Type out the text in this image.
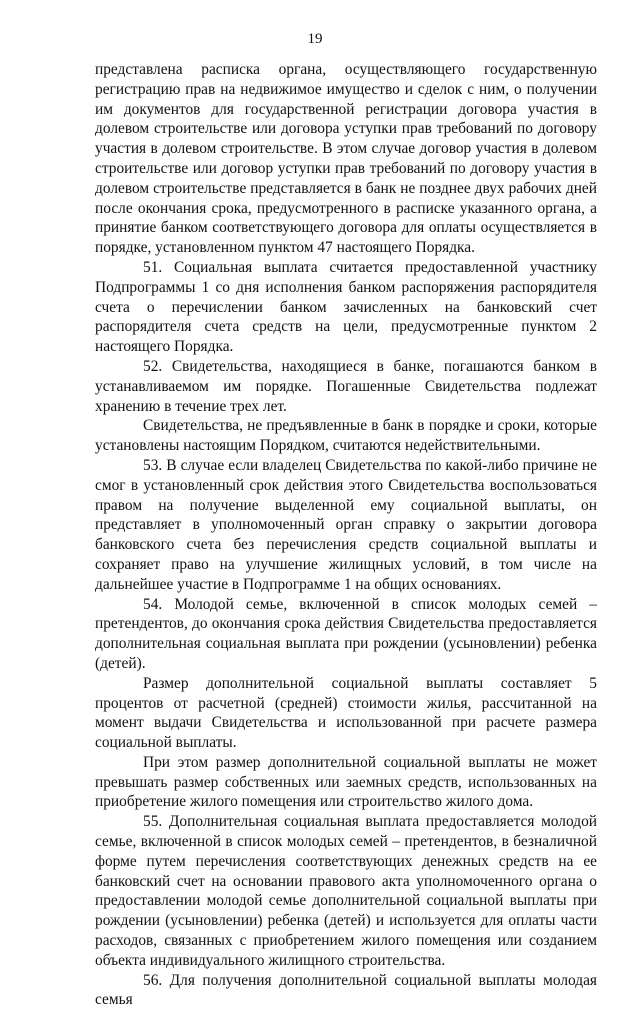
19

представлена расписка органа, осуществляющего государственную регистрацию прав на недвижимое имущество и сделок с ним, о получении им документов для государственной регистрации договора участия в долевом строительстве или договора уступки прав требований по договору участия в долевом строительстве. В этом случае договор участия в долевом строительстве или договор уступки прав требований по договору участия в долевом строительстве представляется в банк не позднее двух рабочих дней после окончания срока, предусмотренного в расписке указанного органа, а принятие банком соответствующего договора для оплаты осуществляется в порядке, установленном пунктом 47 настоящего Порядка.

51. Социальная выплата считается предоставленной участнику Подпрограммы 1 со дня исполнения банком распоряжения распорядителя счета о перечислении банком зачисленных на банковский счет распорядителя счета средств на цели, предусмотренные пунктом 2 настоящего Порядка.

52. Свидетельства, находящиеся в банке, погашаются банком в устанавливаемом им порядке. Погашенные Свидетельства подлежат хранению в течение трех лет.

Свидетельства, не предъявленные в банк в порядке и сроки, которые установлены настоящим Порядком, считаются недействительными.

53. В случае если владелец Свидетельства по какой-либо причине не смог в установленный срок действия этого Свидетельства воспользоваться правом на получение выделенной ему социальной выплаты, он представляет в уполномоченный орган справку о закрытии договора банковского счета без перечисления средств социальной выплаты и сохраняет право на улучшение жилищных условий, в том числе на дальнейшее участие в Подпрограмме 1 на общих основаниях.

54. Молодой семье, включенной в список молодых семей – претендентов, до окончания срока действия Свидетельства предоставляется дополнительная социальная выплата при рождении (усыновлении) ребенка (детей).

Размер дополнительной социальной выплаты составляет 5 процентов от расчетной (средней) стоимости жилья, рассчитанной на момент выдачи Свидетельства и использованной при расчете размера социальной выплаты.

При этом размер дополнительной социальной выплаты не может превышать размер собственных или заемных средств, использованных на приобретение жилого помещения или строительство жилого дома.

55. Дополнительная социальная выплата предоставляется молодой семье, включенной в список молодых семей – претендентов, в безналичной форме путем перечисления соответствующих денежных средств на ее банковский счет на основании правового акта уполномоченного органа о предоставлении молодой семье дополнительной социальной выплаты при рождении (усыновлении) ребенка (детей) и используется для оплаты части расходов, связанных с приобретением жилого помещения или созданием объекта индивидуального жилищного строительства.

56. Для получения дополнительной социальной выплаты молодая семья
